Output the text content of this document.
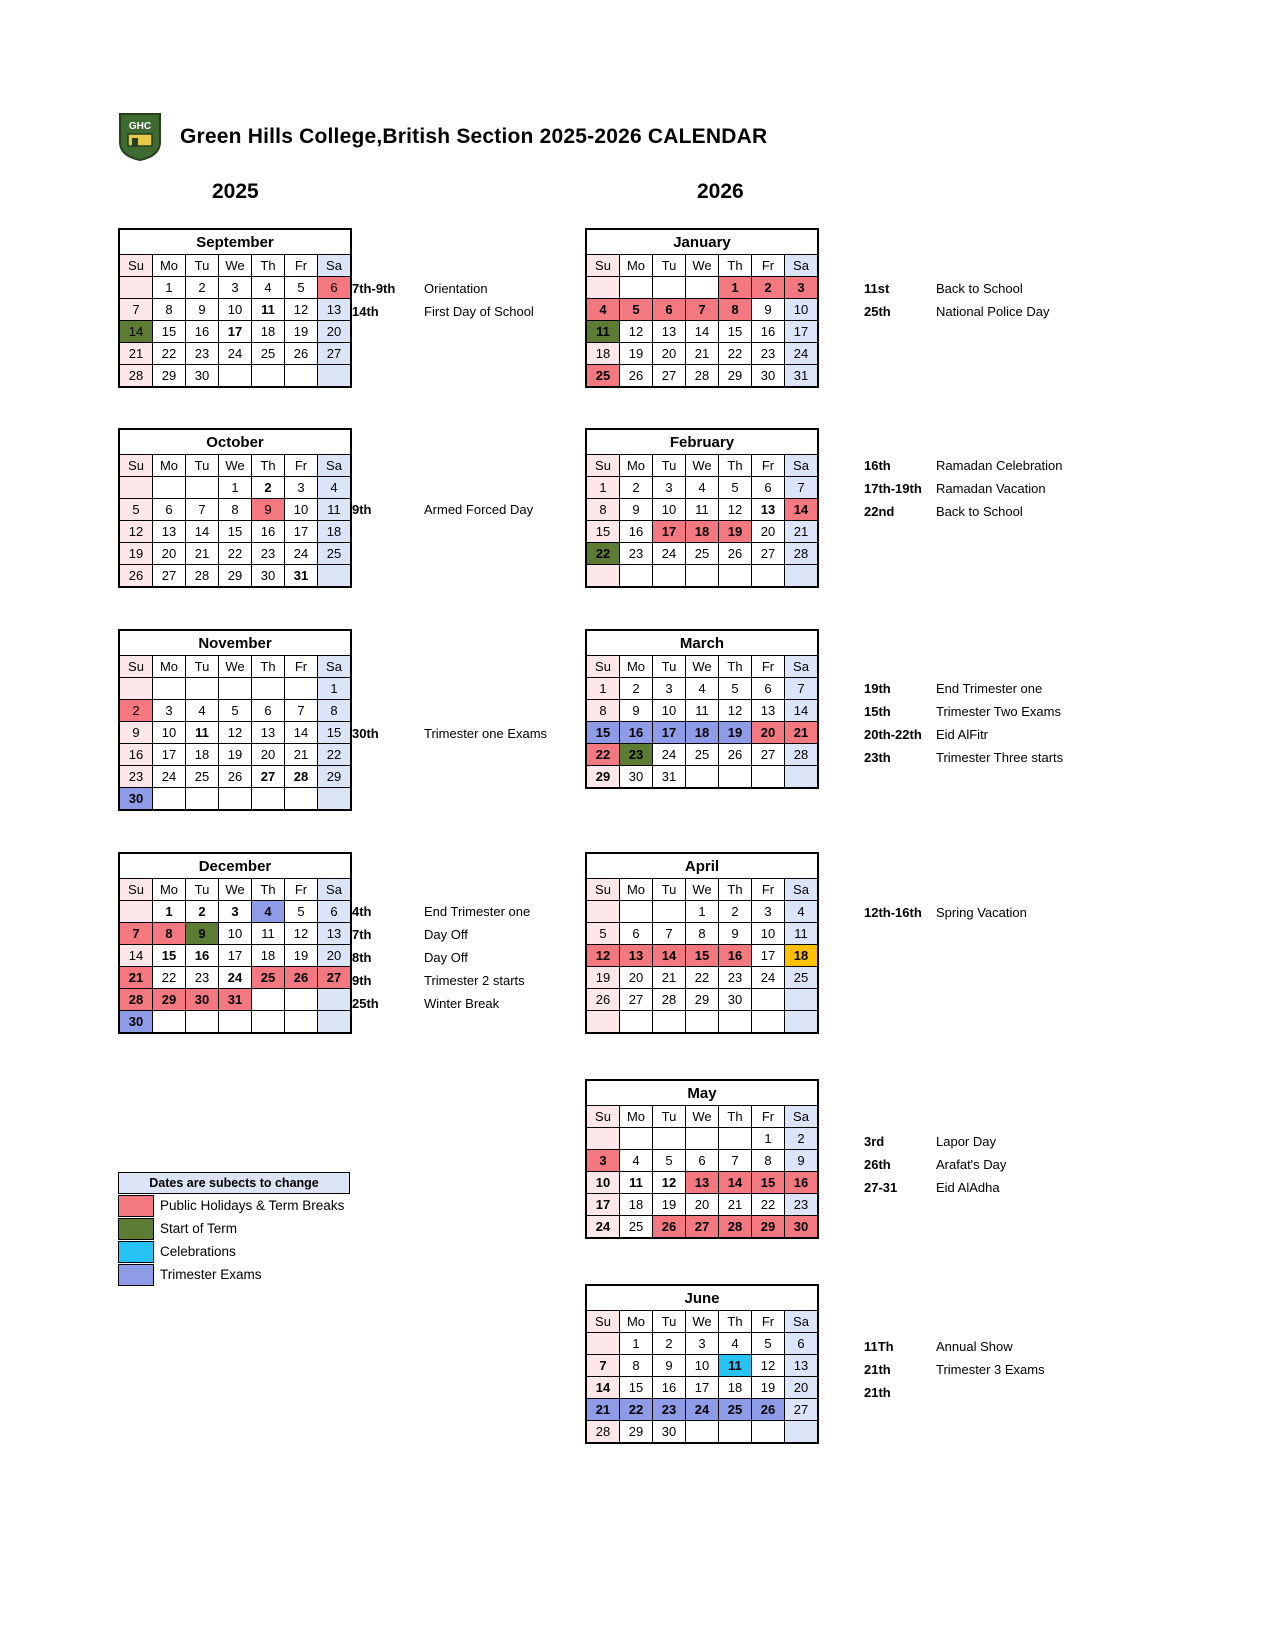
GHC Green Hills College,British Section 2025-2026 CALENDAR
2025	2026
September						
Su	Mo	Tu	We	Th	Fr	Sa
	1	2	3	4	5	6
7	8	9	10	11	12	13
14	15	16	17	18	19	20
21	22	23	24	25	26	27
28	29	30				
October						
Su	Mo	Tu	We	Th	Fr	Sa
			1	2	3	4
5	6	7	8	9	10	11
12	13	14	15	16	17	18
19	20	21	22	23	24	25
26	27	28	29	30	31	
November						
Su	Mo	Tu	We	Th	Fr	Sa
						1
2	3	4	5	6	7	8
9	10	11	12	13	14	15
16	17	18	19	20	21	22
23	24	25	26	27	28	29
30						
December						
Su	Mo	Tu	We	Th	Fr	Sa
	1	2	3	4	5	6
7	8	9	10	11	12	13
14	15	16	17	18	19	20
21	22	23	24	25	26	27
28	29	30	31			
30						
January						
Su	Mo	Tu	We	Th	Fr	Sa
				1	2	3
4	5	6	7	8	9	10
11	12	13	14	15	16	17
18	19	20	21	22	23	24
25	26	27	28	29	30	31
February						
Su	Mo	Tu	We	Th	Fr	Sa
1	2	3	4	5	6	7
8	9	10	11	12	13	14
15	16	17	18	19	20	21
22	23	24	25	26	27	28

March						
Su	Mo	Tu	We	Th	Fr	Sa
1	2	3	4	5	6	7
8	9	10	11	12	13	14
15	16	17	18	19	20	21
22	23	24	25	26	27	28
29	30	31				
April						
Su	Mo	Tu	We	Th	Fr	Sa
			1	2	3	4
5	6	7	8	9	10	11
12	13	14	15	16	17	18
19	20	21	22	23	24	25
26	27	28	29	30		

May						
Su	Mo	Tu	We	Th	Fr	Sa
					1	2
3	4	5	6	7	8	9
10	11	12	13	14	15	16
17	18	19	20	21	22	23
24	25	26	27	28	29	30
June						
Su	Mo	Tu	We	Th	Fr	Sa
	1	2	3	4	5	6
7	8	9	10	11	12	13
14	15	16	17	18	19	20
21	22	23	24	25	26	27
28	29	30				
7th-9th	Orientation
14th	First Day of School
9th	Armed Forced Day
30th	Trimester one Exams
4th	End Trimester one
7th	Day Off
8th	Day Off
9th	Trimester 2 starts
25th	Winter Break
11st	Back to School
25th	National Police Day
16th	Ramadan Celebration
17th-19th	Ramadan Vacation
22nd	Back to School
19th	End Trimester one
15th	Trimester Two Exams
20th-22th	Eid AlFitr
23th	Trimester Three starts
12th-16th	Spring Vacation
3rd	Lapor Day
26th	Arafat's Day
27-31	Eid AlAdha
11Th	Annual Show
21th	Trimester 3 Exams
21th
Dates are subects to change
Public Holidays & Term Breaks
Start of Term
Celebrations
Trimester Exams
